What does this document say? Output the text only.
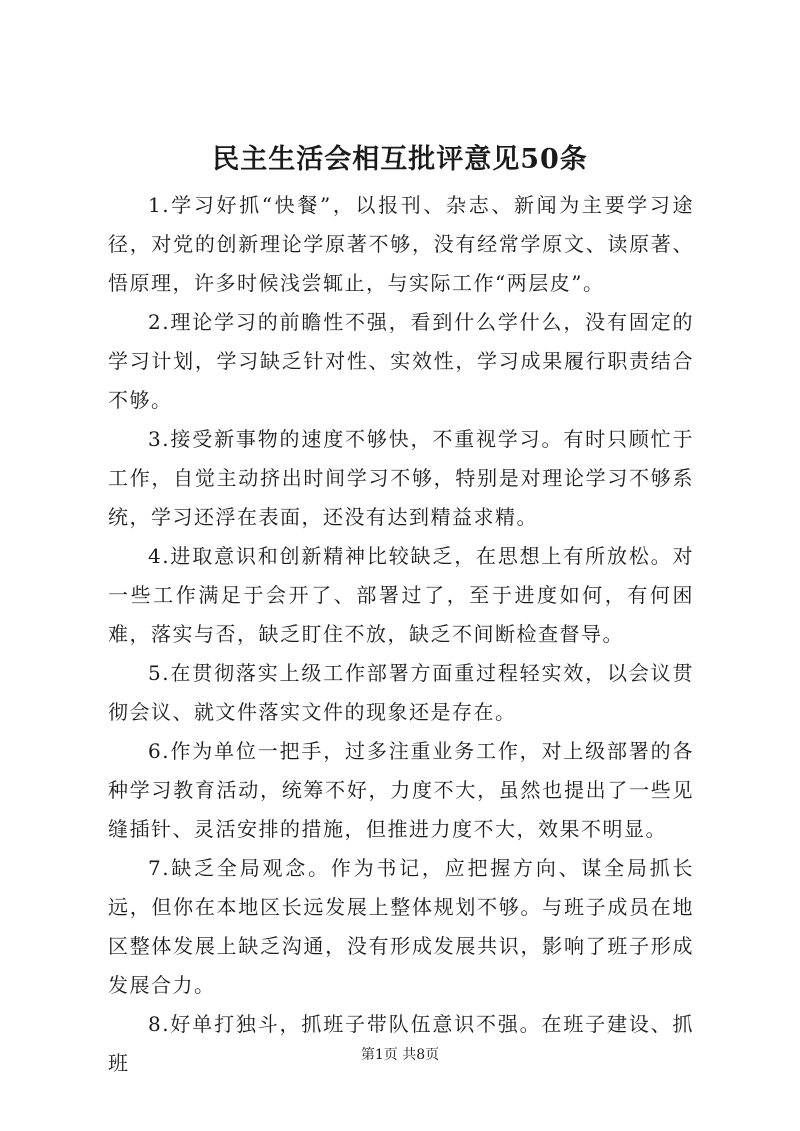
民主生活会相互批评意见50条

1.学习好抓“快餐”，以报刊、杂志、新闻为主要学习途径，对党的创新理论学原著不够，没有经常学原文、读原著、悟原理，许多时候浅尝辄止，与实际工作“两层皮”。

2.理论学习的前瞻性不强，看到什么学什么，没有固定的学习计划，学习缺乏针对性、实效性，学习成果履行职责结合不够。

3.接受新事物的速度不够快，不重视学习。有时只顾忙于工作，自觉主动挤出时间学习不够，特别是对理论学习不够系统，学习还浮在表面，还没有达到精益求精。

4.进取意识和创新精神比较缺乏，在思想上有所放松。对一些工作满足于会开了、部署过了，至于进度如何，有何困难，落实与否，缺乏盯住不放，缺乏不间断检查督导。

5.在贯彻落实上级工作部署方面重过程轻实效，以会议贯彻会议、就文件落实文件的现象还是存在。

6.作为单位一把手，过多注重业务工作，对上级部署的各种学习教育活动，统筹不好，力度不大，虽然也提出了一些见缝插针、灵活安排的措施，但推进力度不大，效果不明显。

7.缺乏全局观念。作为书记，应把握方向、谋全局抓长远，但你在本地区长远发展上整体规划不够。与班子成员在地区整体发展上缺乏沟通，没有形成发展共识，影响了班子形成发展合力。

8.好单打独斗，抓班子带队伍意识不强。在班子建设、抓班	第1页 共8页
